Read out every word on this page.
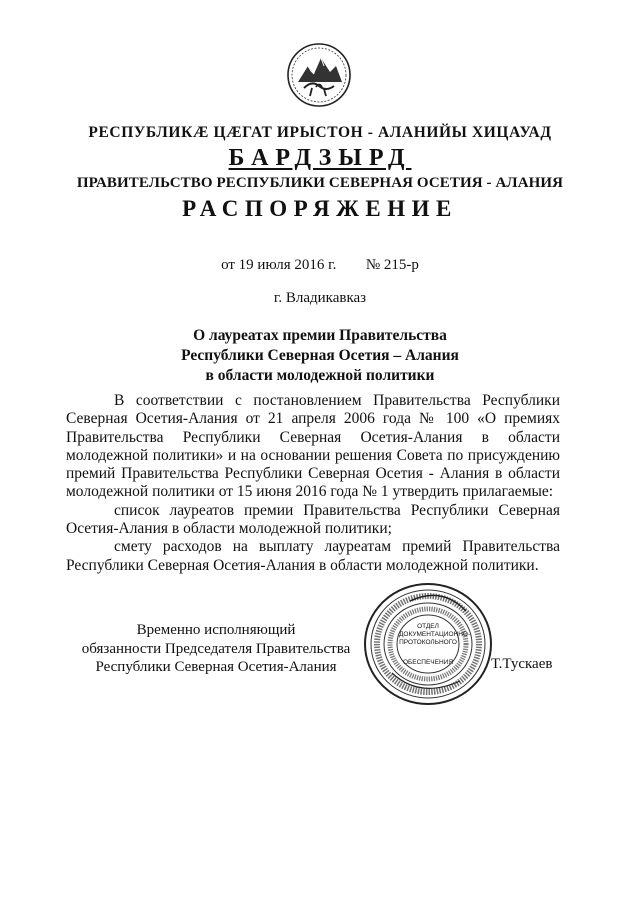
РЕСПУБЛИКӔ ЦӔГАТ ИРЫСТОН - АЛАНИЙЫ ХИЦАУАД
БАРДЗЫРД
ПРАВИТЕЛЬСТВО РЕСПУБЛИКИ СЕВЕРНАЯ ОСЕТИЯ - АЛАНИЯ
РАСПОРЯЖЕНИЕ
от 19 июля 2016 г. № 215-р
г. Владикавказ
О лауреатах премии Правительства
Республики Северная Осетия – Алания
в области молодежной политики

В соответствии с постановлением Правительства Республики Северная Осетия-Алания от 21 апреля 2006 года № 100 «О премиях Правительства Республики Северная Осетия-Алания в области молодежной политики» и на основании решения Совета по присуждению премий Правительства Республики Северная Осетия - Алания в области молодежной политики от 15 июня 2016 года № 1 утвердить прилагаемые:

список лауреатов премии Правительства Республики Северная Осетия-Алания в области молодежной политики;

смету расходов на выплату лауреатам премий Правительства Республики Северная Осетия-Алания в области молодежной политики.

Временно исполняющий
обязанности Председателя Правительства
Республики Северная Осетия-Алания
ОТДЕЛ
ДОКУМЕНТАЦИОННО-
ПРОТОКОЛЬНОГО
ОБЕСПЕЧЕНИЯ	Т.Тускаев
